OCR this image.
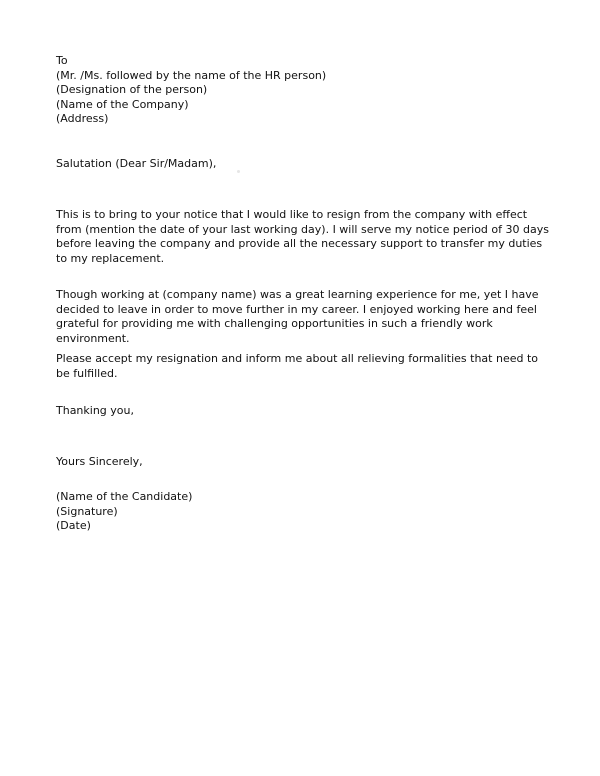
To
(Mr. /Ms. followed by the name of the HR person)
(Designation of the person)
(Name of the Company)
(Address)
Salutation (Dear Sir/Madam),
This is to bring to your notice that I would like to resign from the company with effect from (mention the date of your last working day). I will serve my notice period of 30 days before leaving the company and provide all the necessary support to transfer my duties to my replacement.
Though working at (company name) was a great learning experience for me, yet I have decided to leave in order to move further in my career. I enjoyed working here and feel grateful for providing me with challenging opportunities in such a friendly work environment.
Please accept my resignation and inform me about all relieving formalities that need to be fulfilled.
Thanking you,
Yours Sincerely,
(Name of the Candidate)
(Signature)
(Date)
